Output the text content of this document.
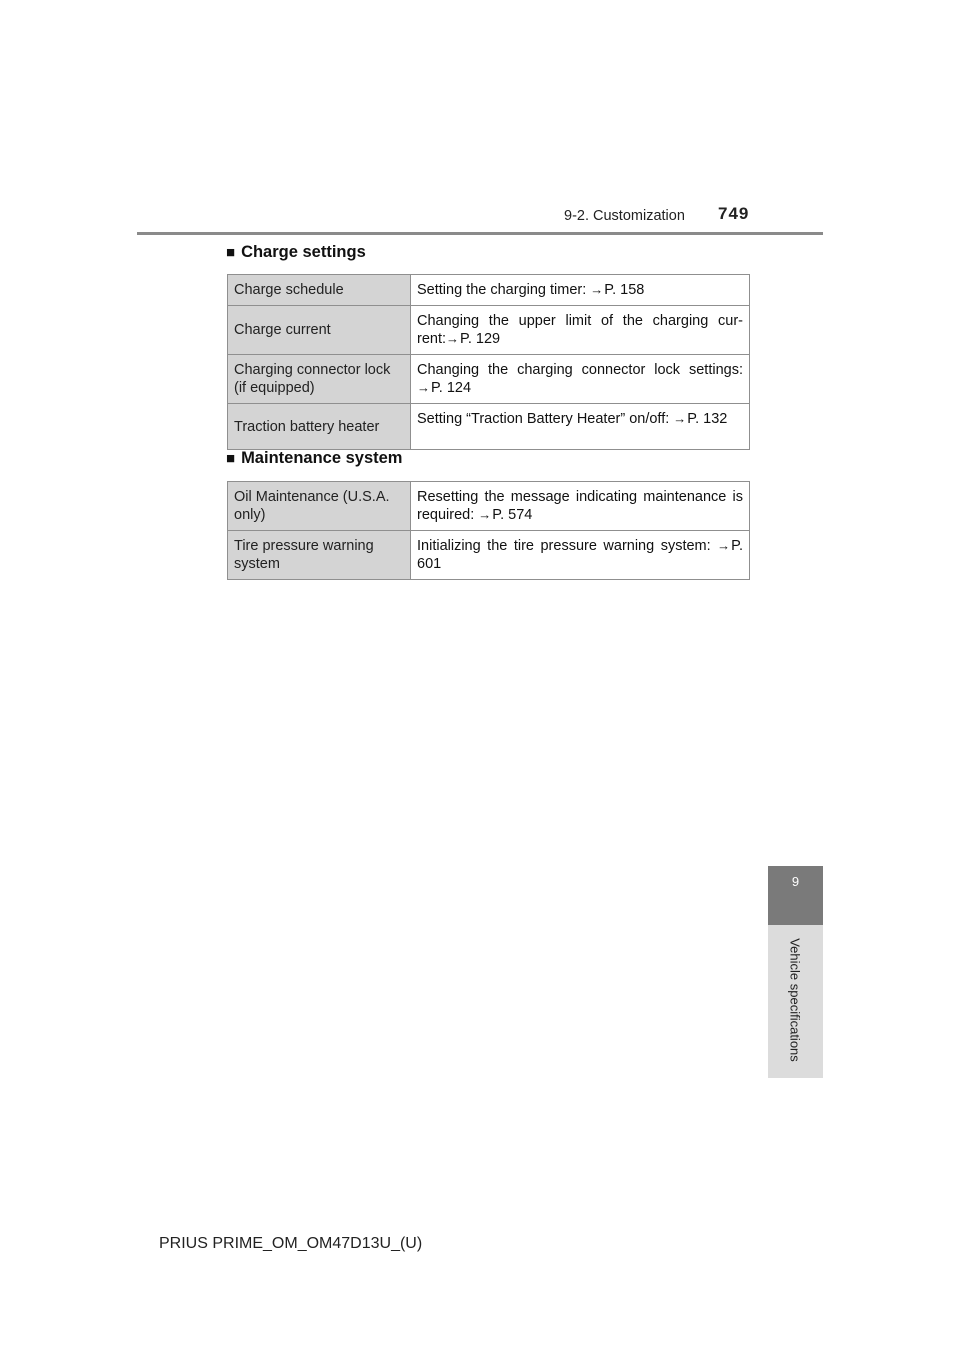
9-2. Customization 749
■ Charge settings
Charge schedule	Setting the charging timer: →P. 158
Charge current	Changing the upper limit of the charging cur-rent:→P. 129
Charging connector lock (if equipped)	Changing the charging connector lock settings: →P. 124
Traction battery heater	Setting “Traction Battery Heater” on/off: →P. 132
■ Maintenance system
Oil Maintenance (U.S.A. only)	Resetting the message indicating maintenance is required: →P. 574
Tire pressure warning system	Initializing the tire pressure warning system: →P. 601
9
Vehicle specifications
PRIUS PRIME_OM_OM47D13U_(U)
